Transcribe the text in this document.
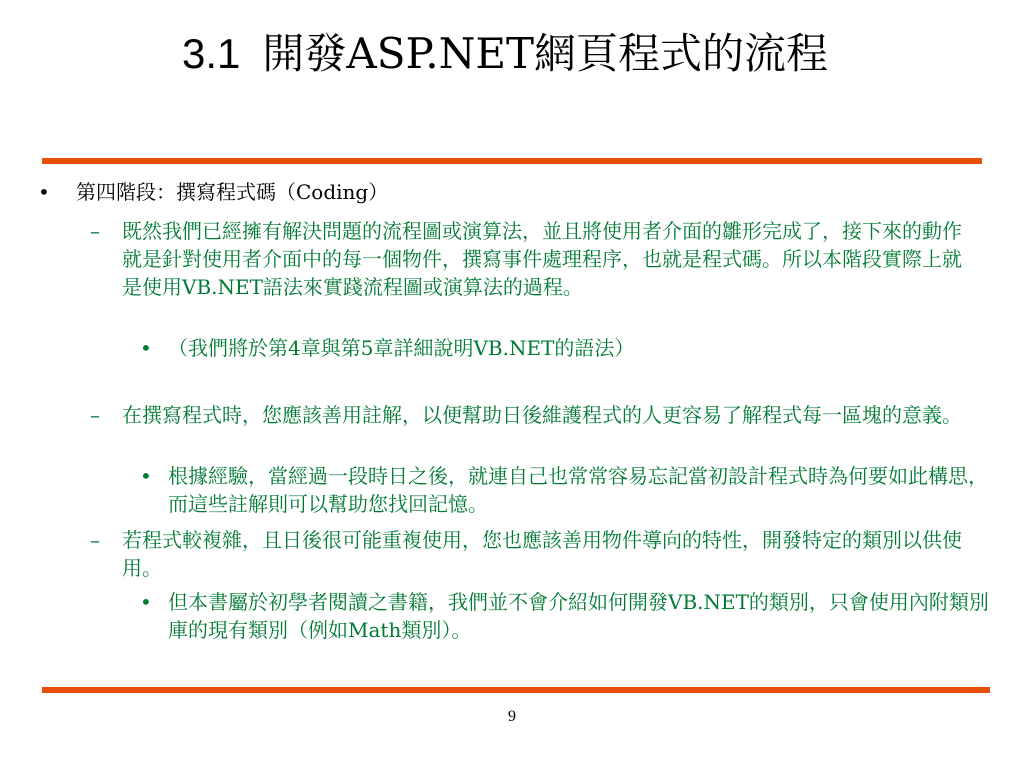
3.1 開發ASP.NET網頁程式的流程
• 第四階段：撰寫程式碼（Coding）
– 既然我們已經擁有解決問題的流程圖或演算法，並且將使用者介面的雛形完成了，接下來的動作就是針對使用者介面中的每一個物件，撰寫事件處理程序，也就是程式碼。所以本階段實際上就是使用VB.NET語法來實踐流程圖或演算法的過程。
• （我們將於第4章與第5章詳細說明VB.NET的語法）
– 在撰寫程式時，您應該善用註解，以便幫助日後維護程式的人更容易了解程式每一區塊的意義。
• 根據經驗，當經過一段時日之後，就連自己也常常容易忘記當初設計程式時為何要如此構思，而這些註解則可以幫助您找回記憶。
– 若程式較複雜，且日後很可能重複使用，您也應該善用物件導向的特性，開發特定的類別以供使用。
• 但本書屬於初學者閱讀之書籍，我們並不會介紹如何開發VB.NET的類別，只會使用內附類別庫的現有類別（例如Math類別）。
9
